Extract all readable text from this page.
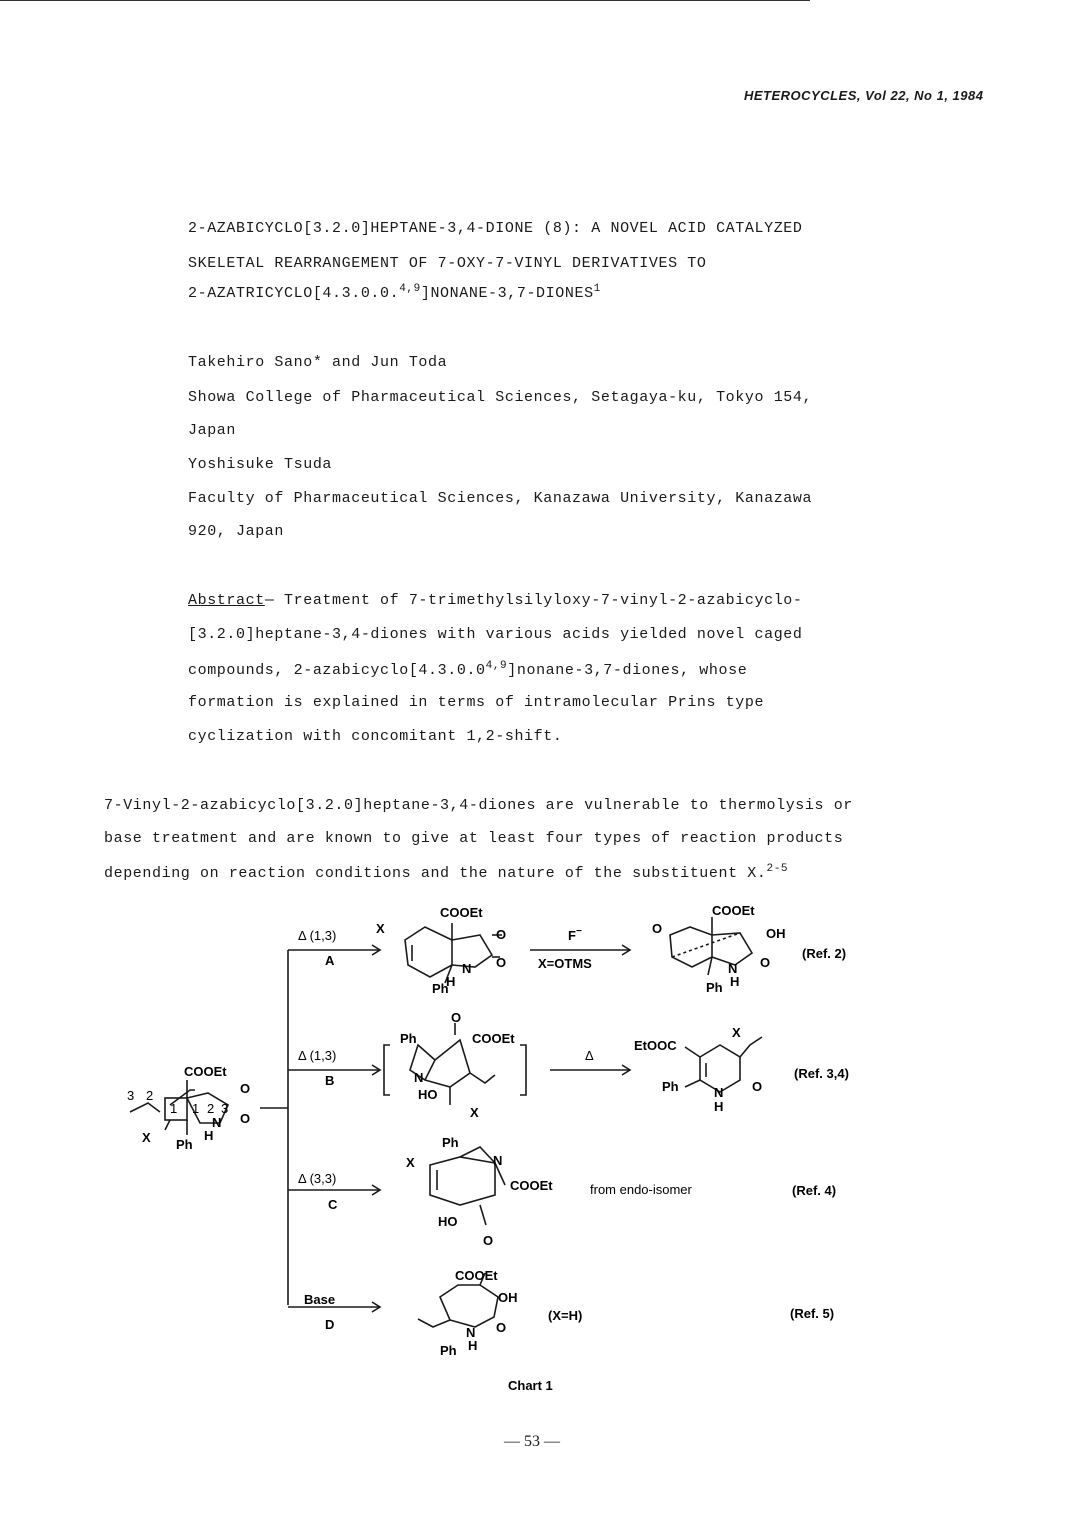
HETEROCYCLES, Vol 22, No 1, 1984
2-AZABICYCLO[3.2.0]HEPTANE-3,4-DIONE (8): A NOVEL ACID CATALYZED
SKELETAL REARRANGEMENT OF 7-OXY-7-VINYL DERIVATIVES TO
2-AZATRICYCLO[4.3.0.0.$^{4,9}$]NONANE-3,7-DIONES$^1$
Takehiro Sano* and Jun Toda
Showa College of Pharmaceutical Sciences, Setagaya-ku, Tokyo 154,
Japan
Yoshisuke Tsuda
Faculty of Pharmaceutical Sciences, Kanazawa University, Kanazawa
920, Japan
Abstract— Treatment of 7-trimethylsilyloxy-7-vinyl-2-azabicyclo-
[3.2.0]heptane-3,4-diones with various acids yielded novel caged
compounds, 2-azabicyclo[4.3.0.0$^{4,9}$]nonane-3,7-diones, whose
formation is explained in terms of intramolecular Prins type
cyclization with concomitant 1,2-shift.
7-Vinyl-2-azabicyclo[3.2.0]heptane-3,4-diones are vulnerable to thermolysis or
base treatment and are known to give at least four types of reaction products
depending on reaction conditions and the nature of the substituent X.$^{2-5}$
COOEt
O
O
N
H
X Ph
1 1 2 3
3 2
Δ (1,3)
A
COOEt
O
O
N
H
X
Ph
F−
X=OTMS
COOEt
O	OH
O
N
H
Ph
(Ref. 2)
Δ (1,3)
B
Ph
O
COOEt
N
HO
X
Δ
EtOOC
X
Ph	N
H
O
(Ref. 3,4)
Δ (3,3)
C
Ph
X	N
COOEt
HO
O
from endo-isomer	(Ref. 4)
Base
D
COOEt
OH
O
N
H
Ph
(X=H)	(Ref. 5)
Chart 1
— 53 —
